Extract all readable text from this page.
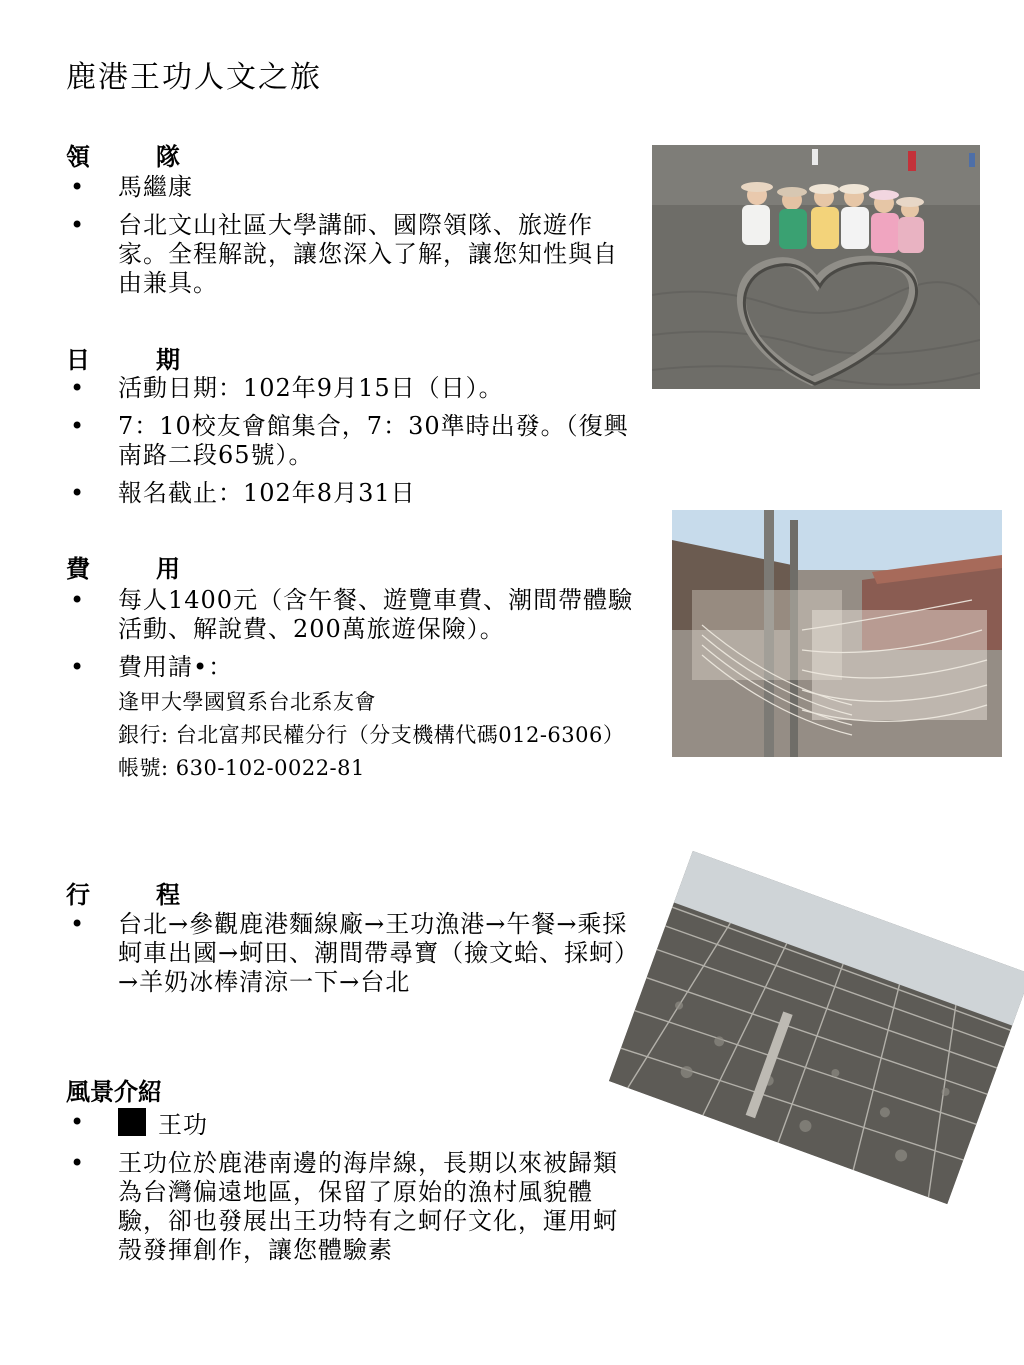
鹿港王功人文之旅
領	隊
• 馬繼康
• 台北文山社區大學講師、國際領隊、旅遊作家。全程解說，讓您深入了解，讓您知性與自由兼具。
日	期
• 活動日期：102年9月15日（日）。
• 7：10校友會館集合，7：30準時出發。（復興南路二段65號）。
• 報名截止：102年8月31日
費	用
• 每人1400元（含午餐、遊覽車費、潮間帶體驗活動、解說費、200萬旅遊保險）。
• 費用請•：
逢甲大學國貿系台北系友會
銀行: 台北富邦民權分行（分支機構代碼012-6306）
帳號: 630-102-0022-81
行	程
• 台北→參觀鹿港麵線廠→王功漁港→午餐→乘採蚵車出國→蚵田、潮間帶尋寶（撿文蛤、採蚵）→羊奶冰棒清涼一下→台北
風景介紹
• 王功
• 王功位於鹿港南邊的海岸線，長期以來被歸類為台灣偏遠地區，保留了原始的漁村風貌體驗，卻也發展出王功特有之蚵仔文化，運用蚵殼發揮創作，讓您體驗素
